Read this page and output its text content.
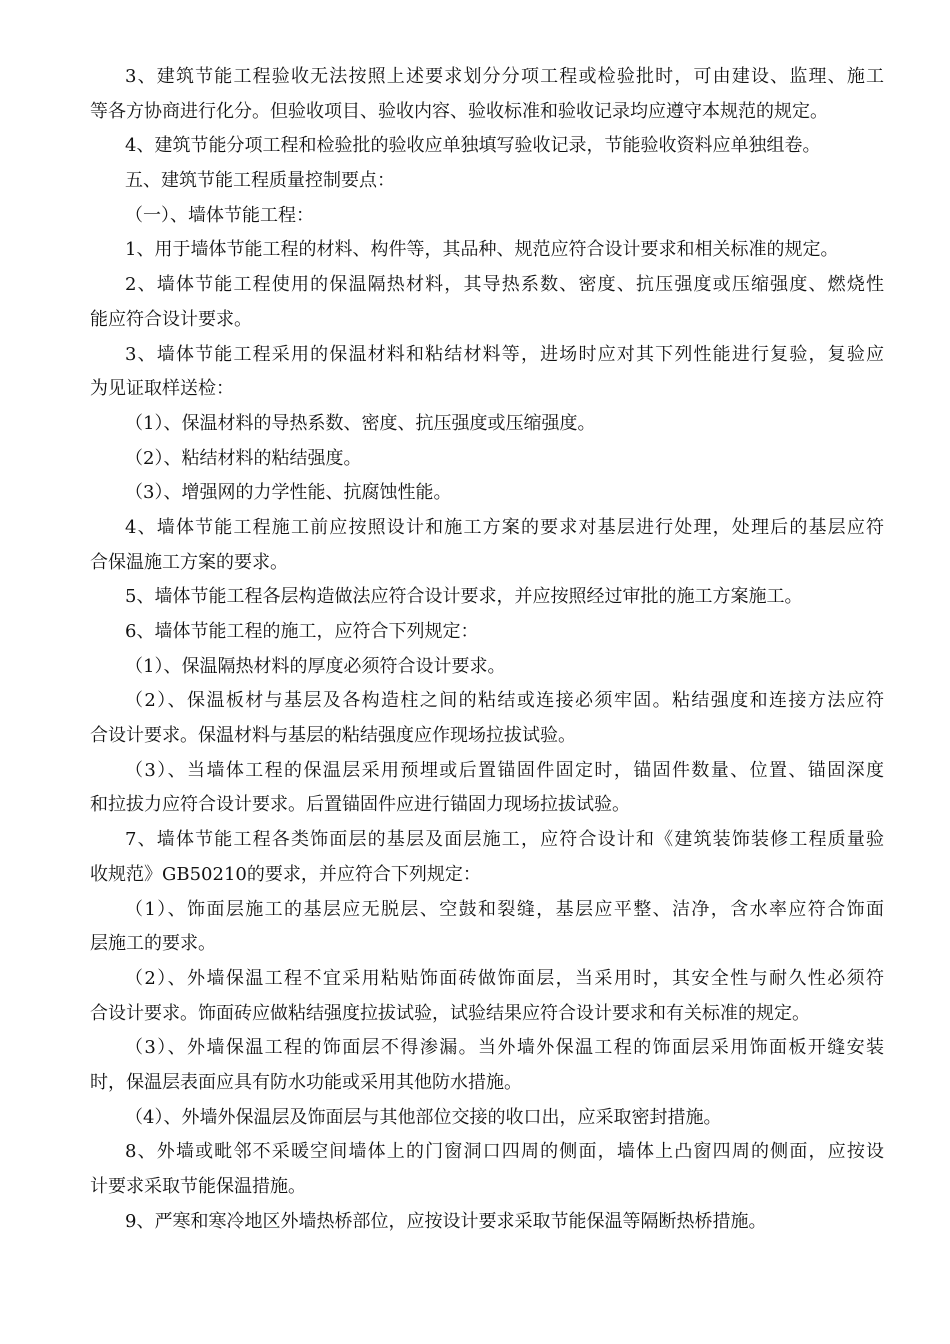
3、建筑节能工程验收无法按照上述要求划分分项工程或检验批时，可由建设、监理、施工
等各方协商进行化分。但验收项目、验收内容、验收标准和验收记录均应遵守本规范的规定。
4、建筑节能分项工程和检验批的验收应单独填写验收记录，节能验收资料应单独组卷。
五、建筑节能工程质量控制要点：
（一）、墙体节能工程：
1、用于墙体节能工程的材料、构件等，其品种、规范应符合设计要求和相关标准的规定。
2、墙体节能工程使用的保温隔热材料，其导热系数、密度、抗压强度或压缩强度、燃烧性
能应符合设计要求。
3、墙体节能工程采用的保温材料和粘结材料等，进场时应对其下列性能进行复验，复验应
为见证取样送检：
（1）、保温材料的导热系数、密度、抗压强度或压缩强度。
（2）、粘结材料的粘结强度。
（3）、增强网的力学性能、抗腐蚀性能。
4、墙体节能工程施工前应按照设计和施工方案的要求对基层进行处理，处理后的基层应符
合保温施工方案的要求。
5、墙体节能工程各层构造做法应符合设计要求，并应按照经过审批的施工方案施工。
6、墙体节能工程的施工，应符合下列规定：
（1）、保温隔热材料的厚度必须符合设计要求。
（2）、保温板材与基层及各构造柱之间的粘结或连接必须牢固。粘结强度和连接方法应符
合设计要求。保温材料与基层的粘结强度应作现场拉拔试验。
（3）、当墙体工程的保温层采用预埋或后置锚固件固定时，锚固件数量、位置、锚固深度
和拉拔力应符合设计要求。后置锚固件应进行锚固力现场拉拔试验。
7、墙体节能工程各类饰面层的基层及面层施工，应符合设计和《建筑装饰装修工程质量验
收规范》GB50210的要求，并应符合下列规定：
（1）、饰面层施工的基层应无脱层、空鼓和裂缝，基层应平整、洁净，含水率应符合饰面
层施工的要求。
（2）、外墙保温工程不宜采用粘贴饰面砖做饰面层，当采用时，其安全性与耐久性必须符
合设计要求。饰面砖应做粘结强度拉拔试验，试验结果应符合设计要求和有关标准的规定。
（3）、外墙保温工程的饰面层不得渗漏。当外墙外保温工程的饰面层采用饰面板开缝安装
时，保温层表面应具有防水功能或采用其他防水措施。
（4）、外墙外保温层及饰面层与其他部位交接的收口出，应采取密封措施。
8、外墙或毗邻不采暖空间墙体上的门窗洞口四周的侧面，墙体上凸窗四周的侧面，应按设
计要求采取节能保温措施。
9、严寒和寒冷地区外墙热桥部位，应按设计要求采取节能保温等隔断热桥措施。
